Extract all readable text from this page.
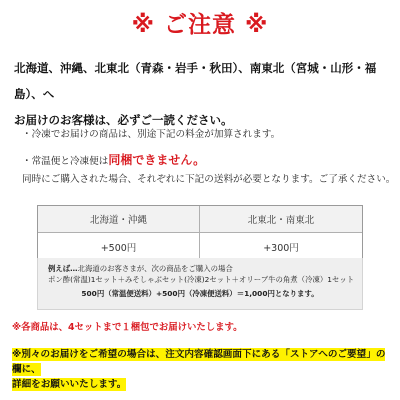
※ ご注意 ※
北海道、沖縄、北東北（青森・岩手・秋田）、南東北（宮城・山形・福島）、へ
お届けのお客様は、必ずご一読ください。
・冷凍でお届けの商品は、別途下記の料金が加算されます。
・常温便と冷凍便は同梱できません。
同時にご購入された場合、それぞれに下記の送料が必要となります。ご了承ください。
北海道・沖縄	北東北・南東北
+500円	+300円
例えば…北海道のお客さまが、次の商品をご購入の場合
ポン酢(常温)1セット＋みそしゃぶセット(冷凍)2セット＋オリーブ牛の角煮（冷凍）1セット
500円（常温便送料）+500円（冷凍便送料）＝1,000円となります。
※各商品は、4セットまで１梱包でお届けいたします。
※別々のお届けをご希望の場合は、注文内容確認画面下にある「ストアへのご要望」の欄に、
詳細をお願いいたします。
